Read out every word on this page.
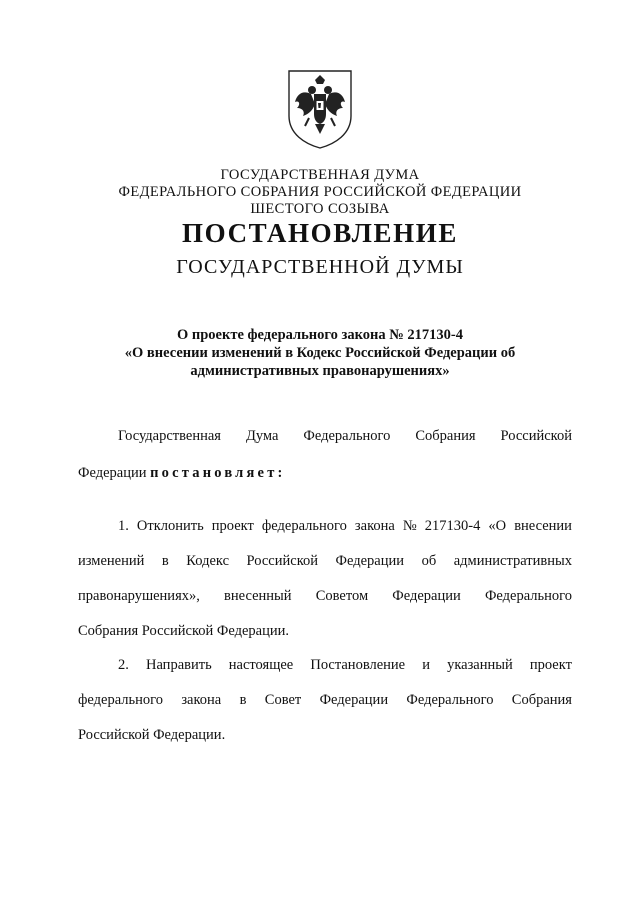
ГОСУДАРСТВЕННАЯ ДУМА
ФЕДЕРАЛЬНОГО СОБРАНИЯ РОССИЙСКОЙ ФЕДЕРАЦИИ
ШЕСТОГО СОЗЫВА
ПОСТАНОВЛЕНИЕ
ГОСУДАРСТВЕННОЙ ДУМЫ
О проекте федерального закона № 217130-4
«О внесении изменений в Кодекс Российской Федерации об
административных правонарушениях»
Государственная Дума Федерального Собрания Российской
Федерации постановляет:
1. Отклонить проект федерального закона № 217130-4 «О внесении
изменений в Кодекс Российской Федерации об административных
правонарушениях», внесенный Советом Федерации Федерального
Собрания Российской Федерации.
2. Направить настоящее Постановление и указанный проект
федерального закона в Совет Федерации Федерального Собрания
Российской Федерации.
